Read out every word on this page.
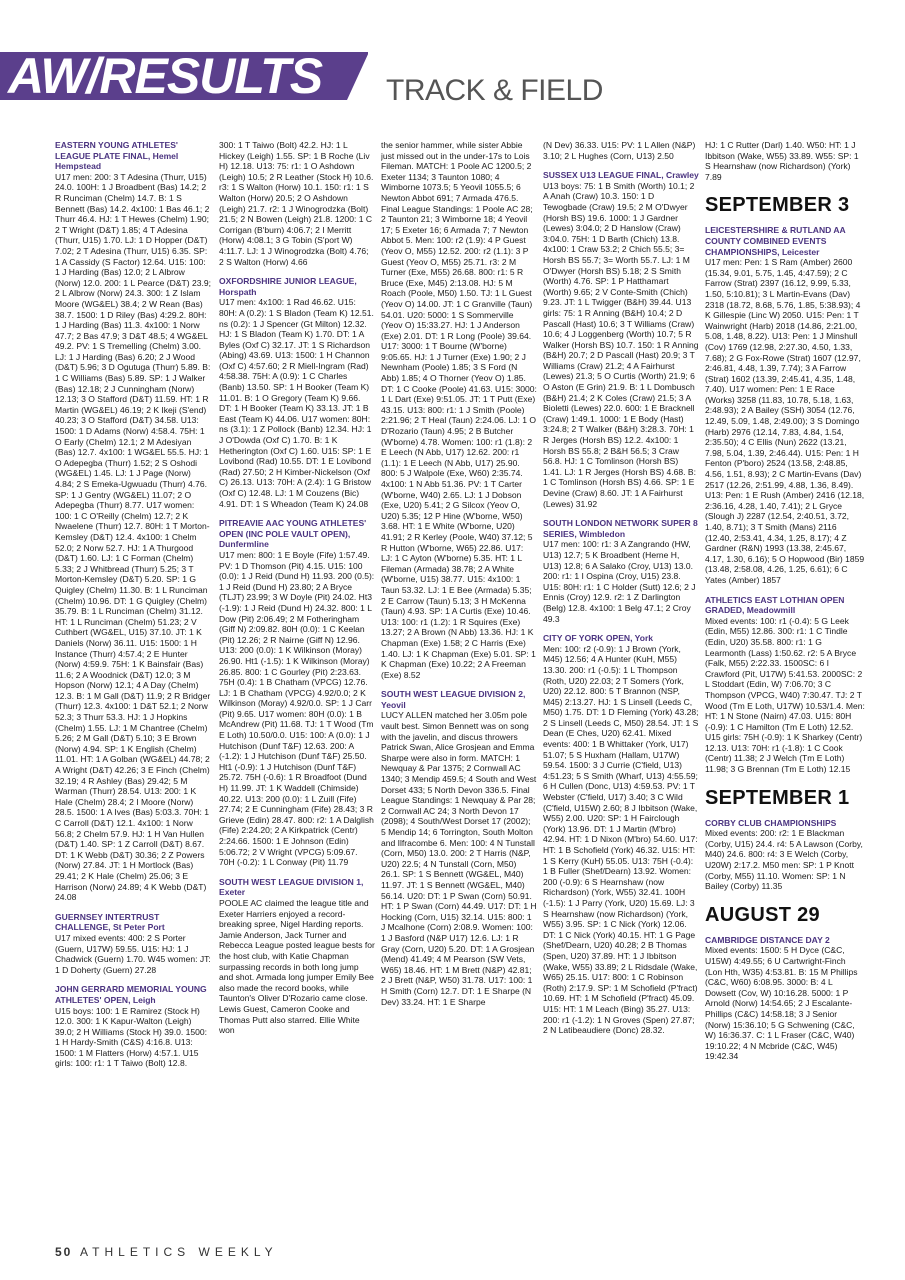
AW/RESULTS TRACK & FIELD
EASTERN YOUNG ATHLETES' LEAGUE PLATE FINAL, Hemel Hempstead

U17 men: 200: 3 T Adesina (Thurr, U15) 24.0. 100H: 1 J Broadbent (Bas) 14.2; 2 R Runciman (Chelm) 14.7. B: 1 S Bennett (Bas) 14.2. 4x100: 1 Bas 46.1; 2 Thurr 46.4. HJ: 1 T Hewes (Chelm) 1.90; 2 T Wright (D&T) 1.85; 4 T Adesina (Thurr, U15) 1.70. LJ: 1 D Hopper (D&T) 7.02; 2 T Adesina (Thurr, U15) 6.35. SP: 1 A Cassidy (S Factor) 12.64. U15: 100: 1 J Harding (Bas) 12.0; 2 L Albrow (Norw) 12.0. 200: 1 L Pearce (D&T) 23.9; 2 L Albrow (Norw) 24.3. 300: 1 Z Islam Moore (WG&EL) 38.4; 2 W Rean (Bas) 38.7. 1500: 1 D Riley (Bas) 4:29.2. 80H: 1 J Harding (Bas) 11.3. 4x100: 1 Norw 47.7; 2 Bas 47.9; 3 D&T 48.5; 4 WG&EL 49.2. PV: 1 S Tremelling (Chelm) 3.00. LJ: 1 J Harding (Bas) 6.20; 2 J Wood (D&T) 5.96; 3 D Ogutuga (Thurr) 5.89. B: 1 C Williams (Bas) 5.89. SP: 1 J Walker (Bas) 12.18; 2 J Cunningham (Norw) 12.13; 3 O Stafford (D&T) 11.59. HT: 1 R Martin (WG&EL) 46.19; 2 K Ikeji (S'end) 40.23; 3 O Stafford (D&T) 34.58. U13: 1500: 1 D Adams (Norw) 4:58.4. 75H: 1 O Early (Chelm) 12.1; 2 M Adesiyan (Bas) 12.7. 4x100: 1 WG&EL 55.5. HJ: 1 O Adepegba (Thurr) 1.52; 2 S Oshodi (WG&EL) 1.45. LJ: 1 J Page (Norw) 4.84; 2 S Emeka-Ugwuadu (Thurr) 4.76. SP: 1 J Gentry (WG&EL) 11.07; 2 O Adepegba (Thurr) 8.77. U17 women: 100: 1 C O'Reilly (Chelm) 12.7; 2 K Nwaelene (Thurr) 12.7. 80H: 1 T Morton-Kemsley (D&T) 12.4. 4x100: 1 Chelm 52.0; 2 Norw 52.7. HJ: 1 A Thurgood (D&T) 1.60. LJ: 1 C Forman (Chelm) 5.33; 2 J Whitbread (Thurr) 5.25; 3 T Morton-Kemsley (D&T) 5.20. SP: 1 G Quigley (Chelm) 11.30. B: 1 L Runciman (Chelm) 10.96. DT: 1 G Quigley (Chelm) 35.79. B: 1 L Runciman (Chelm) 31.12. HT: 1 L Runciman (Chelm) 51.23; 2 V Cuthbert (WG&EL, U15) 37.10. JT: 1 K Daniels (Norw) 36.11. U15: 1500: 1 H Instance (Thurr) 4:57.4; 2 E Hunter (Norw) 4:59.9. 75H: 1 K Bainsfair (Bas) 11.6; 2 A Woodnick (D&T) 12.0; 3 M Hopson (Norw) 12.1; 4 A Day (Chelm) 12.3. B: 1 M Gall (D&T) 11.9; 2 R Bridger (Thurr) 12.3. 4x100: 1 D&T 52.1; 2 Norw 52.3; 3 Thurr 53.3. HJ: 1 J Hopkins (Chelm) 1.55. LJ: 1 M Chantree (Chelm) 5.26; 2 M Gall (D&T) 5.10; 3 E Brown (Norw) 4.94. SP: 1 K English (Chelm) 11.01. HT: 1 A Golban (WG&EL) 44.78; 2 A Wright (D&T) 42.26; 3 E Finch (Chelm) 32.19; 4 R Ashley (Bas) 29.42; 5 M Warman (Thurr) 28.54. U13: 200: 1 K Hale (Chelm) 28.4; 2 I Moore (Norw) 28.5. 1500: 1 A Ives (Bas) 5:03.3. 70H: 1 C Carroll (D&T) 12.1. 4x100: 1 Norw 56.8; 2 Chelm 57.9. HJ: 1 H Van Hullen (D&T) 1.40. SP: 1 Z Carroll (D&T) 8.67. DT: 1 K Webb (D&T) 30.36; 2 Z Powers (Norw) 27.84. JT: 1 H Mortlock (Bas) 29.41; 2 K Hale (Chelm) 25.06; 3 E Harrison (Norw) 24.89; 4 K Webb (D&T) 24.08

GUERNSEY INTERTRUST CHALLENGE, St Peter Port

U17 mixed events: 400: 2 S Porter (Guern, U17W) 59.55. U15: HJ: 1 J Chadwick (Guern) 1.70. W45 women: JT: 1 D Doherty (Guern) 27.28

JOHN GERRARD MEMORIAL YOUNG ATHLETES' OPEN, Leigh

U15 boys: 100: 1 E Ramirez (Stock H) 12.0. 300: 1 K Kapur-Walton (Leigh) 39.0; 2 H Williams (Stock H) 39.0. 1500: 1 H Hardy-Smith (C&S) 4:16.8. U13: 1500: 1 M Flatters (Horw) 4:57.1. U15 girls: 100: r1: 1 T Taiwo (Bolt) 12.8.

300: 1 T Taiwo (Bolt) 42.2. HJ: 1 L Hickey (Leigh) 1.55. SP: 1 B Roche (Liv H) 12.18. U13: 75: r1: 1 O Ashdown (Leigh) 10.5; 2 R Leather (Stock H) 10.6. r3: 1 S Walton (Horw) 10.1. 150: r1: 1 S Walton (Horw) 20.5; 2 O Ashdown (Leigh) 21.7. r2: 1 J Winogrodzka (Bolt) 21.5; 2 N Bowen (Leigh) 21.8. 1200: 1 C Corrigan (B'burn) 4:06.7; 2 I Merritt (Horw) 4:08.1; 3 G Tobin (S'port W) 4:11.7. LJ: 1 J Winogrodzka (Bolt) 4.76; 2 S Walton (Horw) 4.66

OXFORDSHIRE JUNIOR LEAGUE, Horspath

U17 men: 4x100: 1 Rad 46.62. U15: 80H: A (0.2): 1 S Bladon (Team K) 12.51. ns (0.2): 1 J Spencer (Gt Milton) 12.32. HJ: 1 S Bladon (Team K) 1.70. DT: 1 A Byles (Oxf C) 32.17. JT: 1 S Richardson (Abing) 43.69. U13: 1500: 1 H Channon (Oxf C) 4:57.60; 2 R Miell-Ingram (Rad) 4:58.38. 75H: A (0.9): 1 C Charles (Banb) 13.50. SP: 1 H Booker (Team K) 11.01. B: 1 O Gregory (Team K) 9.66. DT: 1 H Booker (Team K) 33.13. JT: 1 B East (Team K) 44.06. U17 women: 80H: ns (3.1): 1 Z Pollock (Banb) 12.34. HJ: 1 J O'Dowda (Oxf C) 1.70. B: 1 K Hetherington (Oxf C) 1.60. U15: SP: 1 E Lovibond (Rad) 10.55. DT: 1 E Lovibond (Rad) 27.50; 2 H Kimber-Nickelson (Oxf C) 26.13. U13: 70H: A (2.4): 1 G Bristow (Oxf C) 12.48. LJ: 1 M Couzens (Bic) 4.91. DT: 1 S Wheadon (Team K) 24.08

PITREAVIE AAC YOUNG ATHLETES' OPEN (INC POLE VAULT OPEN), Dunfermline

U17 men: 800: 1 E Boyle (Fife) 1:57.49. PV: 1 D Thomson (Pit) 4.15. U15: 100 (0.0): 1 J Reid (Dund H) 11.93. 200 (0.5): 1 J Reid (Dund H) 23.80; 2 A Bryce (TLJT) 23.99; 3 W Doyle (Pit) 24.02. Ht3 (-1.9): 1 J Reid (Dund H) 24.32. 800: 1 L Dow (Pit) 2:06.49; 2 M Fotheringham (Giff N) 2:09.82. 80H (0.0): 1 C Keelan (Pit) 12.26; 2 R Nairne (Giff N) 12.96. U13: 200 (0.0): 1 K Wilkinson (Moray) 26.90. Ht1 (-1.5): 1 K Wilkinson (Moray) 26.85. 800: 1 C Gourley (Pit) 2:23.63. 75H (0.4): 1 B Chatham (VPCG) 12.76. LJ: 1 B Chatham (VPCG) 4.92/0.0; 2 K Wilkinson (Moray) 4.92/0.0. SP: 1 J Carr (Pit) 9.65. U17 women: 80H (0.0): 1 B McAndrew (Pit) 11.68. TJ: 1 T Wood (Tm E Loth) 10.50/0.0. U15: 100: A (0.0): 1 J Hutchison (Dunf T&F) 12.63. 200: A (-1.2): 1 J Hutchison (Dunf T&F) 25.50. Ht1 (-0.9): 1 J Hutchison (Dunf T&F) 25.72. 75H (-0.6): 1 R Broadfoot (Dund H) 11.99. JT: 1 K Waddell (Chimside) 40.22. U13: 200 (0.0): 1 L Zuill (Fife) 27.74; 2 E Cunningham (Fife) 28.43; 3 R Grieve (Edin) 28.47. 800: r2: 1 A Dalglish (Fife) 2:24.20; 2 A Kirkpatrick (Centr) 2:24.66. 1500: 1 E Johnson (Edin) 5:06.72; 2 V Wright (VPCG) 5:09.67. 70H (-0.2): 1 L Conway (Pit) 11.79

SOUTH WEST LEAGUE DIVISION 1, Exeter

POOLE AC claimed the league title and Exeter Harriers enjoyed a record-breaking spree, Nigel Harding reports. Jamie Anderson, Jack Turner and Rebecca League posted league bests for the host club, with Katie Chapman surpassing records in both long jump and shot. Armada long jumper Emily Bee also made the record books, while Taunton's Oliver D'Rozario came close. Lewis Guest, Cameron Cooke and Thomas Putt also starred. Ellie White won

the senior hammer, while sister Abbie just missed out in the under-17s to Lois Fileman. MATCH: 1 Poole AC 1200.5; 2 Exeter 1134; 3 Taunton 1080; 4 Wimborne 1073.5; 5 Yeovil 1055.5; 6 Newton Abbot 691; 7 Armada 476.5. Final League Standings: 1 Poole AC 28; 2 Taunton 21; 3 Wimborne 18; 4 Yeovil 17; 5 Exeter 16; 6 Armada 7; 7 Newton Abbot 5. Men: 100: r2 (1.9): 4 P Guest (Yeov O, M55) 12.52. 200: r2 (1.1): 3 P Guest (Yeov O, M55) 25.71. r3: 2 M Turner (Exe, M55) 26.68. 800: r1: 5 R Bruce (Exe, M45) 2:13.08. HJ: 5 M Roach (Poole, M50) 1.50. TJ: 1 L Guest (Yeov O) 14.00. JT: 1 C Granville (Taun) 54.01. U20: 5000: 1 S Sommerville (Yeov O) 15:33.27. HJ: 1 J Anderson (Exe) 2.01. DT: 1 R Long (Poole) 39.64. U17: 3000: 1 T Bourne (W'borne) 9:05.65. HJ: 1 J Turner (Exe) 1.90; 2 J Newnham (Poole) 1.85; 3 S Ford (N Abb) 1.85; 4 O Thorner (Yeov O) 1.85. DT: 1 C Cooke (Poole) 41.63. U15: 3000: 1 L Dart (Exe) 9:51.05. JT: 1 T Putt (Exe) 43.15. U13: 800: r1: 1 J Smith (Poole) 2:21.96; 2 T Heal (Taun) 2:24.06. LJ: 1 O D'Rozario (Taun) 4.95; 2 B Butcher (W'borne) 4.78. Women: 100: r1 (1.8): 2 E Leech (N Abb, U17) 12.62. 200: r1 (1.1): 1 E Leech (N Abb, U17) 25.90. 800: 5 J Walpole (Exe, W60) 2:35.74. 4x100: 1 N Abb 51.36. PV: 1 T Carter (W'borne, W40) 2.65. LJ: 1 J Dobson (Exe, U20) 5.41; 2 G Silcox (Yeov O, U20) 5.35; 12 P Hine (W'borne, W50) 3.68. HT: 1 E White (W'borne, U20) 41.91; 2 R Kerley (Poole, W40) 37.12; 5 R Hutton (W'borne, W65) 22.86. U17: LJ: 1 C Ayton (W'borne) 5.35. HT: 1 L Fileman (Armada) 38.78; 2 A White (W'borne, U15) 38.77. U15: 4x100: 1 Taun 53.32. LJ: 1 E Bee (Armada) 5.35; 2 E Carrow (Taun) 5.13; 3 H McKenna (Taun) 4.93. SP: 1 A Curtis (Exe) 10.46. U13: 100: r1 (1.2): 1 R Squires (Exe) 13.27; 2 A Brown (N Abb) 13.36. HJ: 1 K Chapman (Exe) 1.58; 2 C Harris (Exe) 1.40. LJ: 1 K Chapman (Exe) 5.01. SP: 1 K Chapman (Exe) 10.22; 2 A Freeman (Exe) 8.52

SOUTH WEST LEAGUE DIVISION 2, Yeovil

LUCY ALLEN matched her 3.05m pole vault best. Simon Bennett was on song with the javelin, and discus throwers Patrick Swan, Alice Grosjean and Emma Sharpe were also in form. MATCH: 1 Newquay & Par 1375; 2 Cornwall AC 1340; 3 Mendip 459.5; 4 South and West Dorset 433; 5 North Devon 336.5. Final League Standings: 1 Newquay & Par 28; 2 Cornwall AC 24; 3 North Devon 17 (2098); 4 South/West Dorset 17 (2002); 5 Mendip 14; 6 Torrington, South Molton and Ilfracombe 6. Men: 100: 4 N Tunstall (Corn, M50) 13.0. 200: 2 T Harris (N&P, U20) 22.5; 4 N Tunstall (Corn, M50) 26.1. SP: 1 S Bennett (WG&EL, M40) 11.97. JT: 1 S Bennett (WG&EL, M40) 56.14. U20: DT: 1 P Swan (Corn) 50.91. HT: 1 P Swan (Corn) 44.49. U17: DT: 1 H Hocking (Corn, U15) 32.14. U15: 800: 1 J Mcalhone (Corn) 2:08.9. Women: 100: 1 J Basford (N&P U17) 12.6. LJ: 1 R Gray (Corn, U20) 5.20. DT: 1 A Grosjean (Mend) 41.49; 4 M Pearson (SW Vets, W65) 18.46. HT: 1 M Brett (N&P) 42.81; 2 J Brett (N&P, W50) 31.78. U17: 100: 1 H Smith (Corn) 12.7. DT: 1 E Sharpe (N Dev) 33.24. HT: 1 E Sharpe

(N Dev) 36.33. U15: PV: 1 L Allen (N&P) 3.10; 2 L Hughes (Corn, U13) 2.50

SUSSEX U13 LEAGUE FINAL, Crawley

U13 boys: 75: 1 B Smith (Worth) 10.1; 2 A Anah (Craw) 10.3. 150: 1 D Tewogbade (Craw) 19.5; 2 M O'Dwyer (Horsh BS) 19.6. 1000: 1 J Gardner (Lewes) 3:04.0; 2 D Hanslow (Craw) 3:04.0. 75H: 1 D Barth (Chich) 13.8. 4x100: 1 Craw 53.2; 2 Chich 55.5; 3= Horsh BS 55.7; 3= Worth 55.7. LJ: 1 M O'Dwyer (Horsh BS) 5.18; 2 S Smith (Worth) 4.76. SP: 1 P Hatthamart (Worth) 9.65; 2 V Conte-Smith (Chich) 9.23. JT: 1 L Twigger (B&H) 39.44. U13 girls: 75: 1 R Anning (B&H) 10.4; 2 D Pascall (Hast) 10.6; 3 T Williams (Craw) 10.6; 4 J Loggenberg (Worth) 10.7; 5 R Walker (Horsh BS) 10.7. 150: 1 R Anning (B&H) 20.7; 2 D Pascall (Hast) 20.9; 3 T Williams (Craw) 21.2; 4 A Fairhurst (Lewes) 21.3; 5 O Curtis (Worth) 21.9; 6 O Aston (E Grin) 21.9. B: 1 L Dombusch (B&H) 21.4; 2 K Coles (Craw) 21.5; 3 A Bioletti (Lewes) 22.0. 600: 1 E Bracknell (Craw) 1:49.1. 1000: 1 E Body (Hast) 3:24.8; 2 T Walker (B&H) 3:28.3. 70H: 1 R Jerges (Horsh BS) 12.2. 4x100: 1 Horsh BS 55.8; 2 B&H 56.5; 3 Craw 56.8. HJ: 1 C Tomlinson (Horsh BS) 1.41. LJ: 1 R Jerges (Horsh BS) 4.68. B: 1 C Tomlinson (Horsh BS) 4.66. SP: 1 E Devine (Craw) 8.60. JT: 1 A Fairhurst (Lewes) 31.92

SOUTH LONDON NETWORK SUPER 8 SERIES, Wimbledon

U17 men: 100: r1: 3 A Zangrando (HW, U13) 12.7; 5 K Broadbent (Herne H, U13) 12.8; 6 A Salako (Croy, U13) 13.0. 200: r1: 1 I Ospina (Croy, U15) 23.8. U15: 80H: r1: 1 C Holder (Sutt) 12.6; 2 J Ennis (Croy) 12.9. r2: 1 Z Darlington (Belg) 12.8. 4x100: 1 Belg 47.1; 2 Croy 49.3

CITY OF YORK OPEN, York

Men: 100: r2 (-0.9): 1 J Brown (York, M45) 12.56; 4 A Hunter (KuH, M55) 13.30. 200: r1 (-0.5): 1 L Thompson (Roth, U20) 22.03; 2 T Somers (York, U20) 22.12. 800: 5 T Brannon (NSP, M45) 2:13.27. HJ: 1 S Linsell (Leeds C, M50) 1.75. DT: 1 D Fleming (York) 43.28; 2 S Linsell (Leeds C, M50) 28.54. JT: 1 S Dean (E Ches, U20) 62.41. Mixed events: 400: 1 B Whittaker (York, U17) 51.07; 5 S Huxham (Hallam, U17W) 59.54. 1500: 3 J Currie (C'field, U13) 4:51.23; 5 S Smith (Wharf, U13) 4:55.59; 6 H Cullen (Donc, U13) 4:59.53. PV: 1 T Webster (C'field, U17) 3.40; 3 C Wild (C'field, U15W) 2.60; 8 J Ibbitson (Wake, W55) 2.00. U20: SP: 1 H Fairclough (York) 13.96. DT: 1 J Martin (M'bro) 42.94. HT: 1 D Nixon (M'bro) 54.60. U17: HT: 1 B Schofield (York) 46.32. U15: HT: 1 S Kerry (KuH) 55.05. U13: 75H (-0.4): 1 B Fuller (Shef/Dearn) 13.92. Women: 200 (-0.9): 6 S Hearnshaw (now Richardson) (York, W55) 32.41. 100H (-1.5): 1 J Parry (York, U20) 15.69. LJ: 3 S Hearnshaw (now Richardson) (York, W55) 3.95. SP: 1 C Nick (York) 12.06. DT: 1 C Nick (York) 40.15. HT: 1 G Page (Shef/Dearn, U20) 40.28; 2 B Thomas (Spen, U20) 37.89. HT: 1 J Ibbitson (Wake, W55) 33.89; 2 L Ridsdale (Wake, W65) 25.15. U17: 800: 1 C Robinson (Roth) 2:17.9. SP: 1 M Schofield (P'fract) 10.69. HT: 1 M Schofield (P'fract) 45.09. U15: HT: 1 M Leach (Bing) 35.27. U13: 200: r1 (-1.2): 1 N Groves (Spen) 27.87; 2 N Latibeaudiere (Donc) 28.32.

HJ: 1 C Rutter (Darl) 1.40. W50: HT: 1 J Ibbitson (Wake, W55) 33.89. W55: SP: 1 S Hearnshaw (now Richardson) (York) 7.89

SEPTEMBER 3
LEICESTERSHIRE & RUTLAND AA COUNTY COMBINED EVENTS CHAMPIONSHIPS, Leicester

U17 men: Pen: 1 S Ram (Amber) 2600 (15.34, 9.01, 5.75, 1.45, 4:47.59); 2 C Farrow (Strat) 2397 (16.12, 9.99, 5.33, 1.50, 5:10.81); 3 L Martin-Evans (Dav) 2318 (18.72, 8.68, 5.76, 1.85, 5:38.93); 4 K Gillespie (Linc W) 2050. U15: Pen: 1 T Wainwright (Harb) 2018 (14.86, 2:21.00, 5.08, 1.48, 8.22). U13: Pen: 1 J Minshull (Cov) 1769 (12.98, 2:27.30, 4.50, 1.33, 7.68); 2 G Fox-Rowe (Strat) 1607 (12.97, 2:46.81, 4.48, 1.39, 7.74); 3 A Farrow (Strat) 1602 (13.39, 2:45.41, 4.35, 1.48, 7.40). U17 women: Pen: 1 E Race (Works) 3258 (11.83, 10.78, 5.18, 1.63, 2:48.93); 2 A Bailey (SSH) 3054 (12.76, 12.49, 5.09, 1.48, 2:49.00); 3 S Domingo (Harb) 2976 (12.14, 7.83, 4.84, 1.54, 2:35.50); 4 C Ellis (Nun) 2622 (13.21, 7.98, 5.04, 1.39, 2:46.44). U15: Pen: 1 H Fenton (P'boro) 2524 (13.58, 2:48.85, 4.56, 1.51, 8.93); 2 C Martin-Evans (Dav) 2517 (12.26, 2:51.99, 4.88, 1.36, 8.49). U13: Pen: 1 E Rush (Amber) 2416 (12.18, 2:36.16, 4.28, 1.40, 7.41); 2 L Gryce (Slough J) 2287 (12.54, 2:40.51, 3.72, 1.40, 8.71); 3 T Smith (Mans) 2116 (12.40, 2:53.41, 4.34, 1.25, 8.17); 4 Z Gardner (R&N) 1993 (13.38, 2:45.67, 4.17, 1.30, 6.16); 5 O Hopwood (Bir) 1859 (13.48, 2:58.08, 4.26, 1.25, 6.61); 6 C Yates (Amber) 1857

ATHLETICS EAST LOTHIAN OPEN GRADED, Meadowmill

Mixed events: 100: r1 (-0.4): 5 G Leek (Edin, M55) 12.86. 300: r1: 1 C Tindle (Edin, U20) 35.58. 800: r1: 1 G Learmonth (Lass) 1:50.62. r2: 5 A Bryce (Falk, M55) 2:22.33. 1500SC: 6 I Crawford (Pit, U17W) 5:41.53. 2000SC: 2 L Stoddart (Edin, W) 7:06.70; 3 C Thompson (VPCG, W40) 7:30.47. TJ: 2 T Wood (Tm E Loth, U17W) 10.53/1.4. Men: HT: 1 N Stone (Nairn) 47.03. U15: 80H (-0.9): 1 C Hamilton (Tm E Loth) 12.52. U15 girls: 75H (-0.9): 1 K Sharkey (Centr) 12.13. U13: 70H: r1 (-1.8): 1 C Cook (Centr) 11.38; 2 J Welch (Tm E Loth) 11.98; 3 G Brennan (Tm E Loth) 12.15

SEPTEMBER 1
CORBY CLUB CHAMPIONSHIPS

Mixed events: 200: r2: 1 E Blackman (Corby, U15) 24.4. r4: 5 A Lawson (Corby, M40) 24.6. 800: r4: 3 E Welch (Corby, U20W) 2:17.2. M50 men: SP: 1 P Knott (Corby, M55) 11.10. Women: SP: 1 N Bailey (Corby) 11.35

AUGUST 29
CAMBRIDGE DISTANCE DAY 2

Mixed events: 1500: 5 H Dyce (C&C, U15W) 4:49.55; 6 U Cartwright-Finch (Lon Hth, W35) 4:53.81. B: 15 M Phillips (C&C, W60) 6:08.95. 3000: B: 4 L Dowsett (Cov, W) 10:16.28. 5000: 1 P Arnold (Norw) 14:54.65; 2 J Escalante-Phillips (C&C) 14:58.18; 3 J Senior (Norw) 15:36.10; 5 G Schwening (C&C, W) 16:36.37. C: 1 L Fraser (C&C, W40) 19:10.22; 4 N Mcbride (C&C, W45) 19:42.34

50 ATHLETICS WEEKLY
